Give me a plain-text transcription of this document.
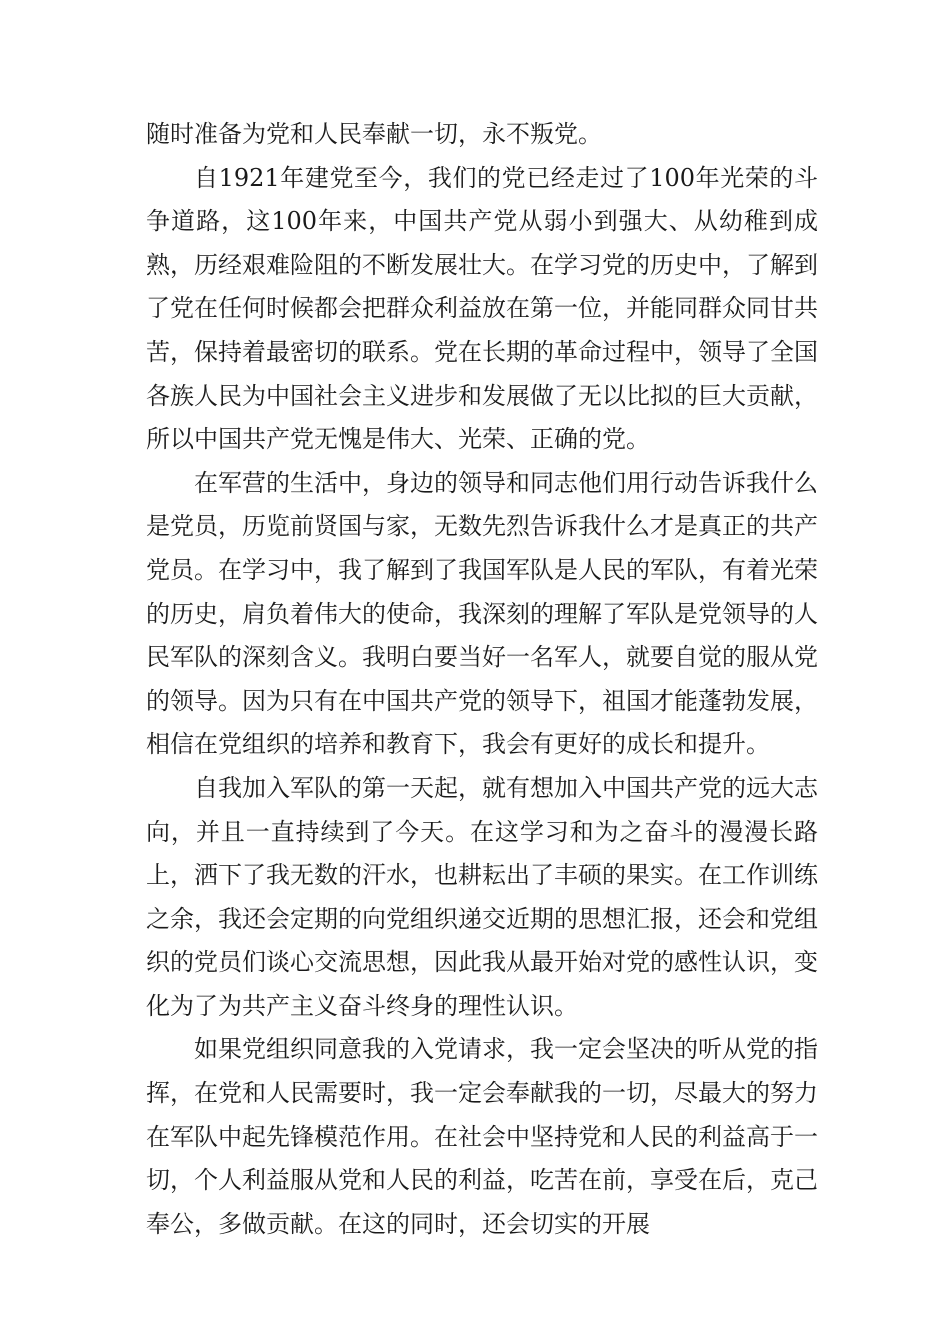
随时准备为党和人民奉献一切，永不叛党。

自1921年建党至今，我们的党已经走过了100年光荣的斗争道路，这100年来，中国共产党从弱小到强大、从幼稚到成熟，历经艰难险阻的不断发展壮大。在学习党的历史中，了解到了党在任何时候都会把群众利益放在第一位，并能同群众同甘共苦，保持着最密切的联系。党在长期的革命过程中，领导了全国各族人民为中国社会主义进步和发展做了无以比拟的巨大贡献，所以中国共产党无愧是伟大、光荣、正确的党。

在军营的生活中，身边的领导和同志他们用行动告诉我什么是党员，历览前贤国与家，无数先烈告诉我什么才是真正的共产党员。在学习中，我了解到了我国军队是人民的军队，有着光荣的历史，肩负着伟大的使命，我深刻的理解了军队是党领导的人民军队的深刻含义。我明白要当好一名军人，就要自觉的服从党的领导。因为只有在中国共产党的领导下，祖国才能蓬勃发展，相信在党组织的培养和教育下，我会有更好的成长和提升。

自我加入军队的第一天起，就有想加入中国共产党的远大志向，并且一直持续到了今天。在这学习和为之奋斗的漫漫长路上，洒下了我无数的汗水，也耕耘出了丰硕的果实。在工作训练之余，我还会定期的向党组织递交近期的思想汇报，还会和党组织的党员们谈心交流思想，因此我从最开始对党的感性认识，变化为了为共产主义奋斗终身的理性认识。

如果党组织同意我的入党请求，我一定会坚决的听从党的指挥，在党和人民需要时，我一定会奉献我的一切，尽最大的努力在军队中起先锋模范作用。在社会中坚持党和人民的利益高于一切，个人利益服从党和人民的利益，吃苦在前，享受在后，克己奉公，多做贡献。在这的同时，还会切实的开展
